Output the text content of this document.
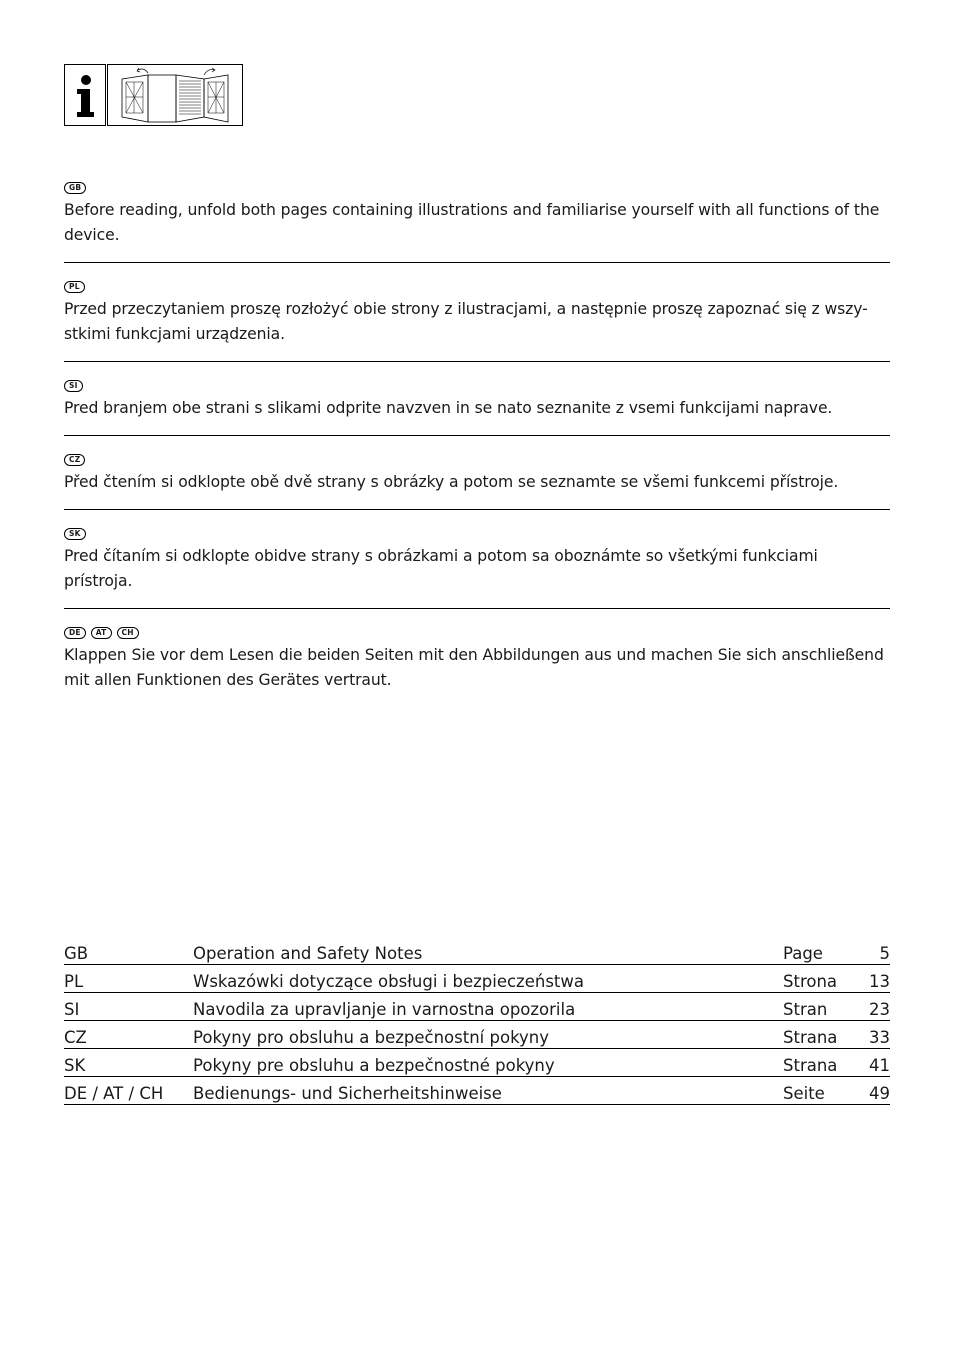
GB

Before reading, unfold both pages containing illustrations and familiarise yourself with all functions of the device.

PL

Przed przeczytaniem proszę rozłożyć obie strony z ilustracjami, a następnie proszę zapoznać się z wszy-stkimi funkcjami urządzenia.

SI

Pred branjem obe strani s slikami odprite navzven in se nato seznanite z vsemi funkcijami naprave.

CZ

Před čtením si odklopte obě dvě strany s obrázky a potom se seznamte se všemi funkcemi přístroje.

SK

Pred čítaním si odklopte obidve strany s obrázkami a potom sa oboznámte so všetkými funkciami prístroja.

DE	AT	CH

Klappen Sie vor dem Lesen die beiden Seiten mit den Abbildungen aus und machen Sie sich anschließend mit allen Funktionen des Gerätes vertraut.

GB	Operation and Safety Notes	Page	5
PL	Wskazówki dotyczące obsługi i bezpieczeństwa	Strona	13
SI	Navodila za upravljanje in varnostna opozorila	Stran	23
CZ	Pokyny pro obsluhu a bezpečnostní pokyny	Strana	33
SK	Pokyny pre obsluhu a bezpečnostné pokyny	Strana	41
DE / AT / CH	Bedienungs- und Sicherheitshinweise	Seite	49
